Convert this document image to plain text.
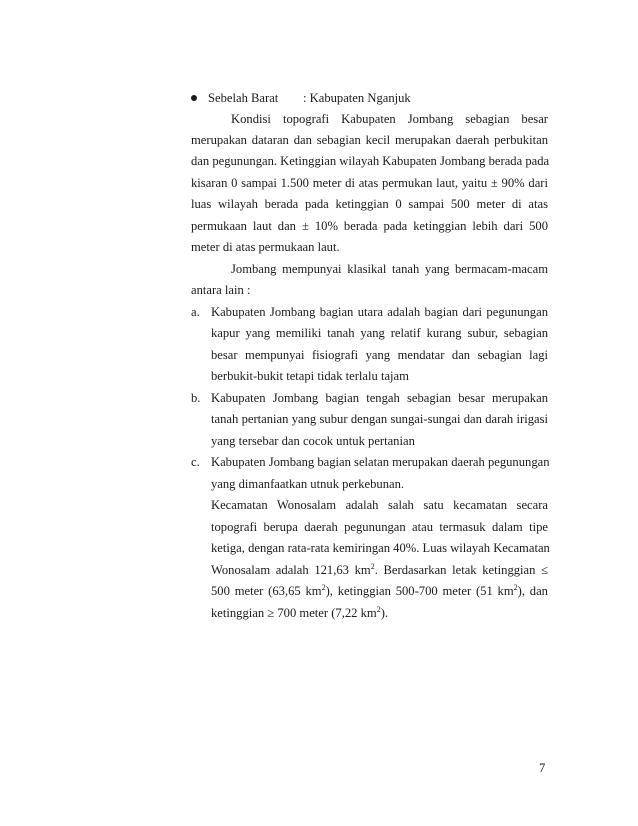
Sebelah Barat : Kabupaten Nganjuk
Kondisi topografi Kabupaten Jombang sebagian besar
merupakan dataran dan sebagian kecil merupakan daerah perbukitan
dan pegunungan. Ketinggian wilayah Kabupaten Jombang berada pada
kisaran 0 sampai 1.500 meter di atas permukan laut, yaitu ± 90% dari
luas wilayah berada pada ketinggian 0 sampai 500 meter di atas
permukaan laut dan ± 10% berada pada ketinggian lebih dari 500
meter di atas permukaan laut.
Jombang mempunyai klasikal tanah yang bermacam-macam
antara lain :
a. Kabupaten Jombang bagian utara adalah bagian dari pegunungan
kapur yang memiliki tanah yang relatif kurang subur, sebagian
besar mempunyai fisiografi yang mendatar dan sebagian lagi
berbukit-bukit tetapi tidak terlalu tajam
b. Kabupaten Jombang bagian tengah sebagian besar merupakan
tanah pertanian yang subur dengan sungai-sungai dan darah irigasi
yang tersebar dan cocok untuk pertanian
c. Kabupaten Jombang bagian selatan merupakan daerah pegunungan
yang dimanfaatkan utnuk perkebunan.
Kecamatan Wonosalam adalah salah satu kecamatan secara
topografi berupa daerah pegunungan atau termasuk dalam tipe
ketiga, dengan rata-rata kemiringan 40%. Luas wilayah Kecamatan
Wonosalam adalah 121,63 $km^2$. Berdasarkan letak ketinggian ≤
500 meter (63,65 $km^2$), ketinggian 500-700 meter (51 $km^2$), dan
ketinggian ≥ 700 meter (7,22 $km^2$).
7
